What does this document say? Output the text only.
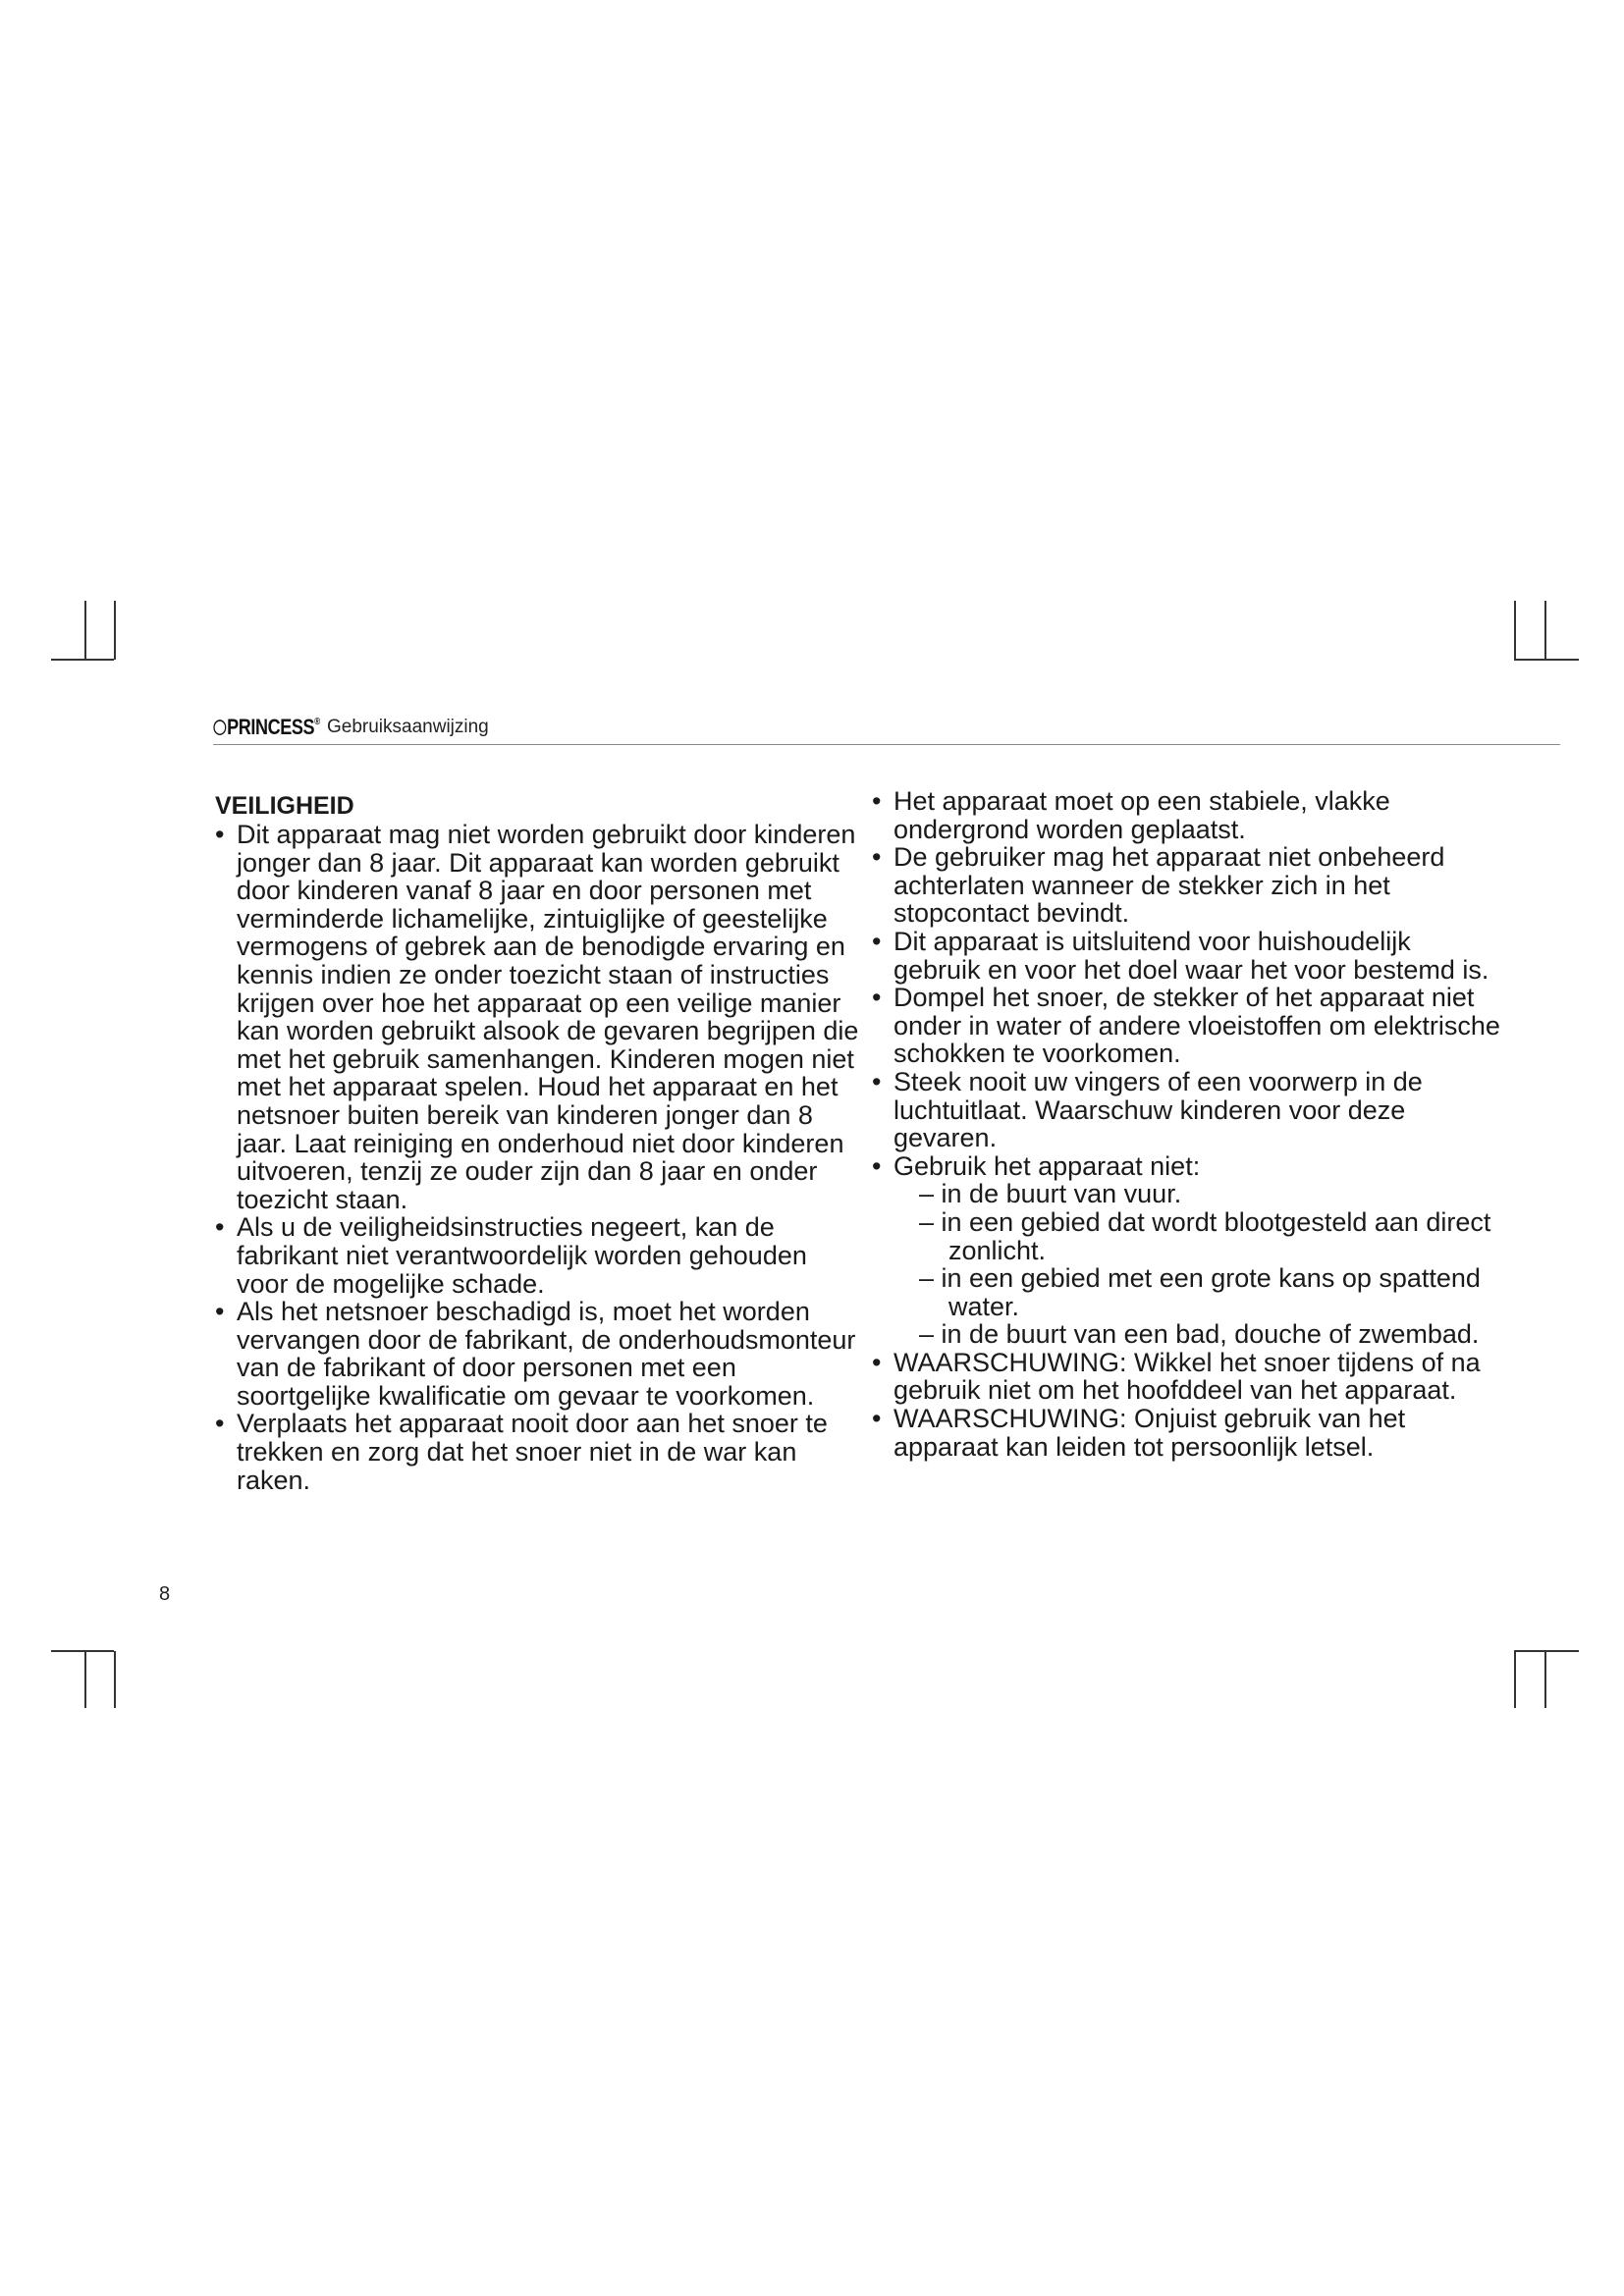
◯PRINCESS® Gebruiksaanwijzing
VEILIGHEID
• Dit apparaat mag niet worden gebruikt door kinderen jonger dan 8 jaar. Dit apparaat kan worden gebruikt door kinderen vanaf 8 jaar en door personen met verminderde lichamelijke, zintuiglijke of geestelijke vermogens of gebrek aan de benodigde ervaring en kennis indien ze onder toezicht staan of instructies krijgen over hoe het apparaat op een veilige manier kan worden gebruikt alsook de gevaren begrijpen die met het gebruik samenhangen. Kinderen mogen niet met het apparaat spelen. Houd het apparaat en het netsnoer buiten bereik van kinderen jonger dan 8 jaar. Laat reiniging en onderhoud niet door kinderen uitvoeren, tenzij ze ouder zijn dan 8 jaar en onder toezicht staan.
• Als u de veiligheidsinstructies negeert, kan de fabrikant niet verantwoordelijk worden gehouden voor de mogelijke schade.
• Als het netsnoer beschadigd is, moet het worden vervangen door de fabrikant, de onderhoudsmonteur van de fabrikant of door personen met een soortgelijke kwalificatie om gevaar te voorkomen.
• Verplaats het apparaat nooit door aan het snoer te trekken en zorg dat het snoer niet in de war kan raken.
• Het apparaat moet op een stabiele, vlakke ondergrond worden geplaatst.
• De gebruiker mag het apparaat niet onbeheerd achterlaten wanneer de stekker zich in het stopcontact bevindt.
• Dit apparaat is uitsluitend voor huishoudelijk gebruik en voor het doel waar het voor bestemd is.
• Dompel het snoer, de stekker of het apparaat niet onder in water of andere vloeistoffen om elektrische schokken te voorkomen.
• Steek nooit uw vingers of een voorwerp in de luchtuitlaat. Waarschuw kinderen voor deze gevaren.
• Gebruik het apparaat niet:
– in de buurt van vuur.
– in een gebied dat wordt blootgesteld aan direct zonlicht.
– in een gebied met een grote kans op spattend water.
– in de buurt van een bad, douche of zwembad.
• WAARSCHUWING: Wikkel het snoer tijdens of na gebruik niet om het hoofddeel van het apparaat.
• WAARSCHUWING: Onjuist gebruik van het apparaat kan leiden tot persoonlijk letsel.
8
